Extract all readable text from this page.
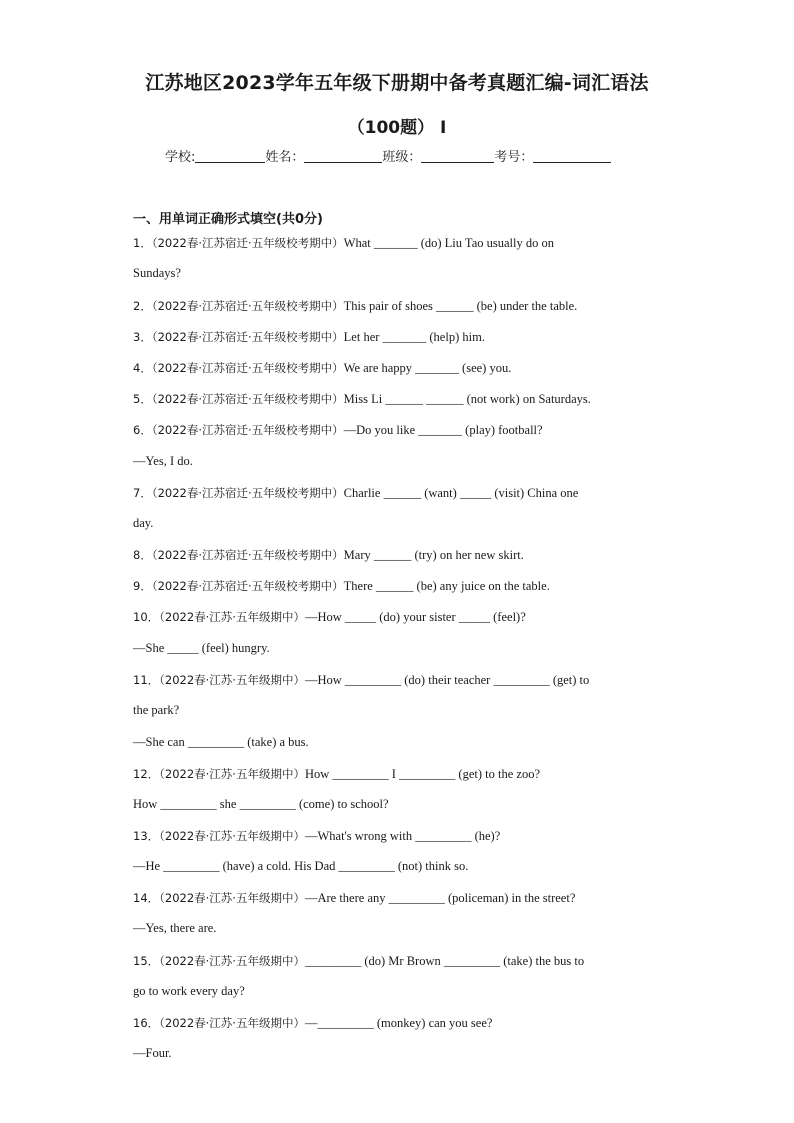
江苏地区2023学年五年级下册期中备考真题汇编-词汇语法
（100题） I
学校:	姓名：	班级：	考号：
一、用单词正确形式填空(共0分)
1．（2022春·江苏宿迁·五年级校考期中）What _______ (do) Liu Tao usually do on
Sundays?
2．（2022春·江苏宿迁·五年级校考期中）This pair of shoes ______ (be) under the table.
3．（2022春·江苏宿迁·五年级校考期中）Let her _______ (help) him.
4．（2022春·江苏宿迁·五年级校考期中）We are happy _______ (see) you.
5．（2022春·江苏宿迁·五年级校考期中）Miss Li ______ ______ (not work) on Saturdays.
6．（2022春·江苏宿迁·五年级校考期中）—Do you like _______ (play) football?
—Yes, I do.
7．（2022春·江苏宿迁·五年级校考期中）Charlie ______ (want) _____ (visit) China one
day.
8．（2022春·江苏宿迁·五年级校考期中）Mary ______ (try) on her new skirt.
9．（2022春·江苏宿迁·五年级校考期中）There ______ (be) any juice on the table.
10．（2022春·江苏·五年级期中）—How _____ (do) your sister _____ (feel)?
—She _____ (feel) hungry.
11．（2022春·江苏·五年级期中）—How _________ (do) their teacher _________ (get) to
the park?
—She can _________ (take) a bus.
12．（2022春·江苏·五年级期中）How _________ I _________ (get) to the zoo?
How _________ she _________ (come) to school?
13．（2022春·江苏·五年级期中）—What's wrong with _________ (he)?
—He _________ (have) a cold. His Dad _________ (not) think so.
14．（2022春·江苏·五年级期中）—Are there any _________ (policeman) in the street?
—Yes, there are.
15．（2022春·江苏·五年级期中）_________ (do) Mr Brown _________ (take) the bus to
go to work every day?
16．（2022春·江苏·五年级期中）—_________ (monkey) can you see?
—Four.
